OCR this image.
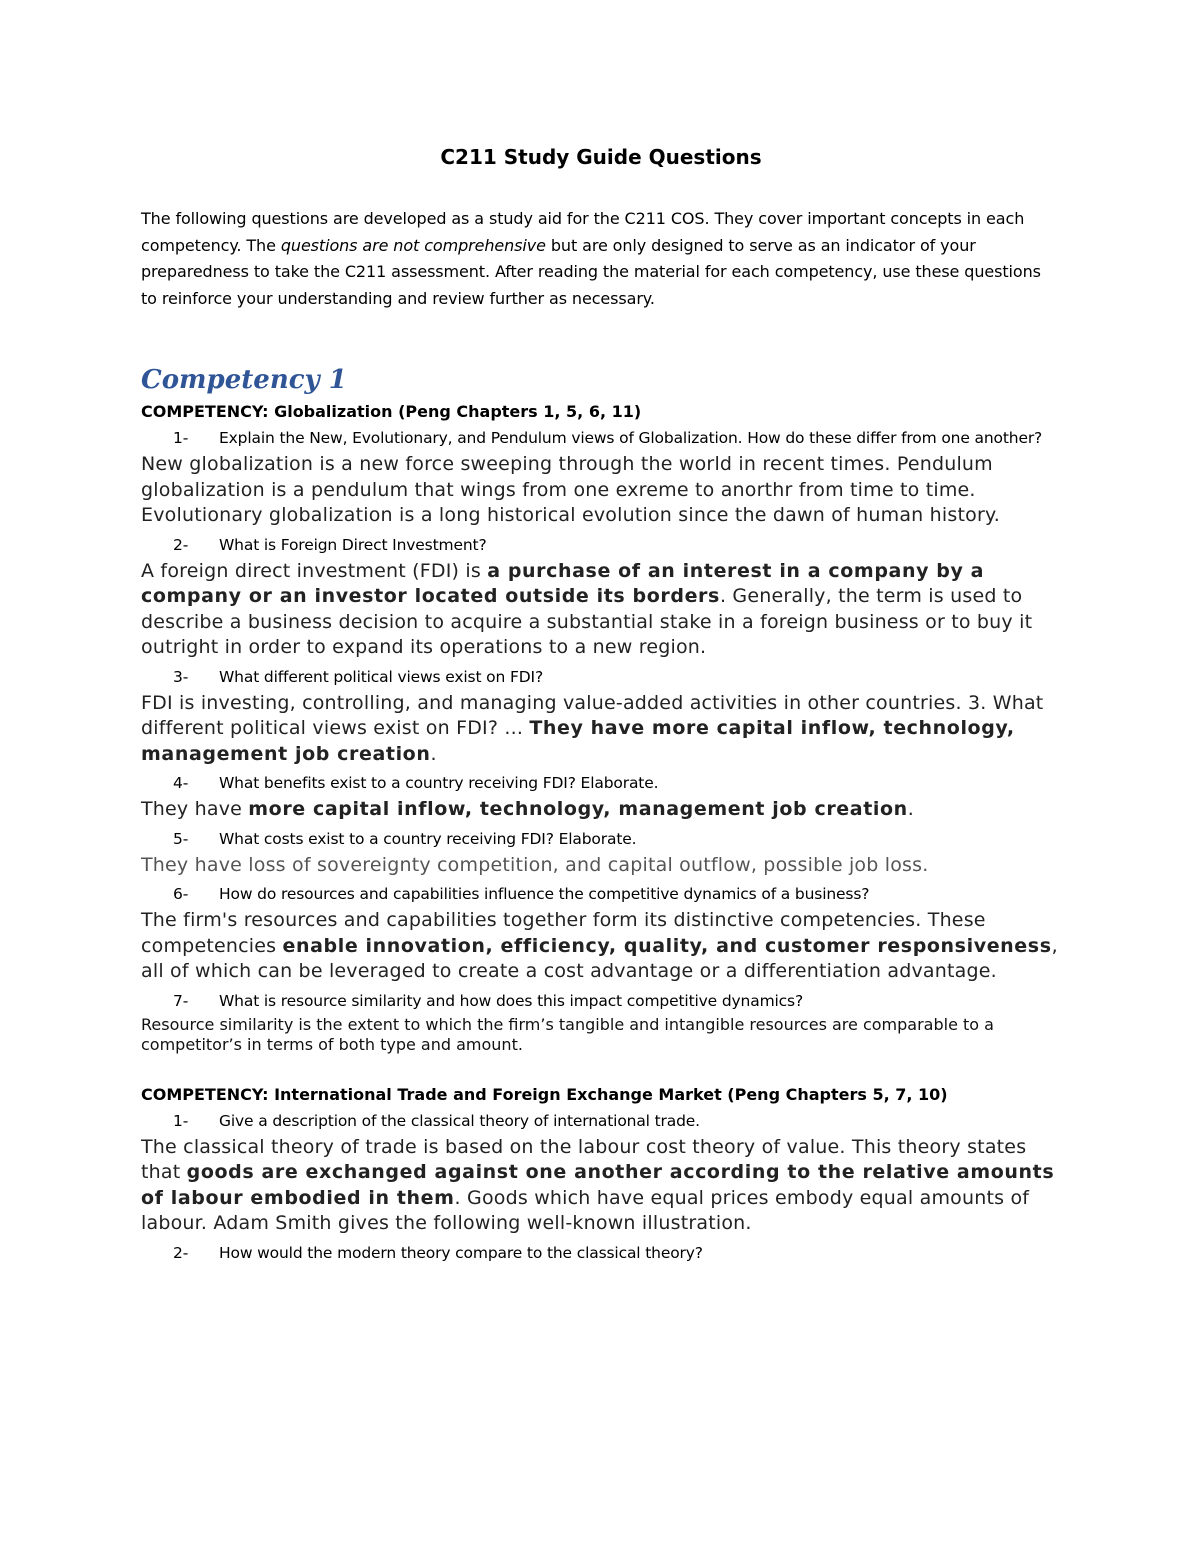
C211 Study Guide Questions

The following questions are developed as a study aid for the C211 COS. They cover important concepts in each competency. The questions are not comprehensive but are only designed to serve as an indicator of your preparedness to take the C211 assessment. After reading the material for each competency, use these questions to reinforce your understanding and review further as necessary.

Competency 1

COMPETENCY: Globalization (Peng Chapters 1, 5, 6, 11)

1-	Explain the New, Evolutionary, and Pendulum views of Globalization. How do these differ from one another?

New globalization is a new force sweeping through the world in recent times. Pendulum globalization is a pendulum that wings from one exreme to anorthr from time to time. Evolutionary globalization is a long historical evolution since the dawn of human history.

2-	What is Foreign Direct Investment?

A foreign direct investment (FDI) is a purchase of an interest in a company by a company or an investor located outside its borders. Generally, the term is used to describe a business decision to acquire a substantial stake in a foreign business or to buy it outright in order to expand its operations to a new region.

3-	What different political views exist on FDI?

FDI is investing, controlling, and managing value-added activities in other countries. 3. What different political views exist on FDI? ... They have more capital inflow, technology, management job creation.

4-	What benefits exist to a country receiving FDI? Elaborate.

They have more capital inflow, technology, management job creation.

5-	What costs exist to a country receiving FDI? Elaborate.

They have loss of sovereignty competition, and capital outflow, possible job loss.

6-	How do resources and capabilities influence the competitive dynamics of a business?

The firm's resources and capabilities together form its distinctive competencies. These competencies enable innovation, efficiency, quality, and customer responsiveness, all of which can be leveraged to create a cost advantage or a differentiation advantage.

7-	What is resource similarity and how does this impact competitive dynamics?

Resource similarity is the extent to which the firm’s tangible and intangible resources are comparable to a competitor’s in terms of both type and amount.

COMPETENCY: International Trade and Foreign Exchange Market (Peng Chapters 5, 7, 10)

1-	Give a description of the classical theory of international trade.

The classical theory of trade is based on the labour cost theory of value. This theory states that goods are exchanged against one another according to the relative amounts of labour embodied in them. Goods which have equal prices embody equal amounts of labour. Adam Smith gives the following well-known illustration.

2-	How would the modern theory compare to the classical theory?
